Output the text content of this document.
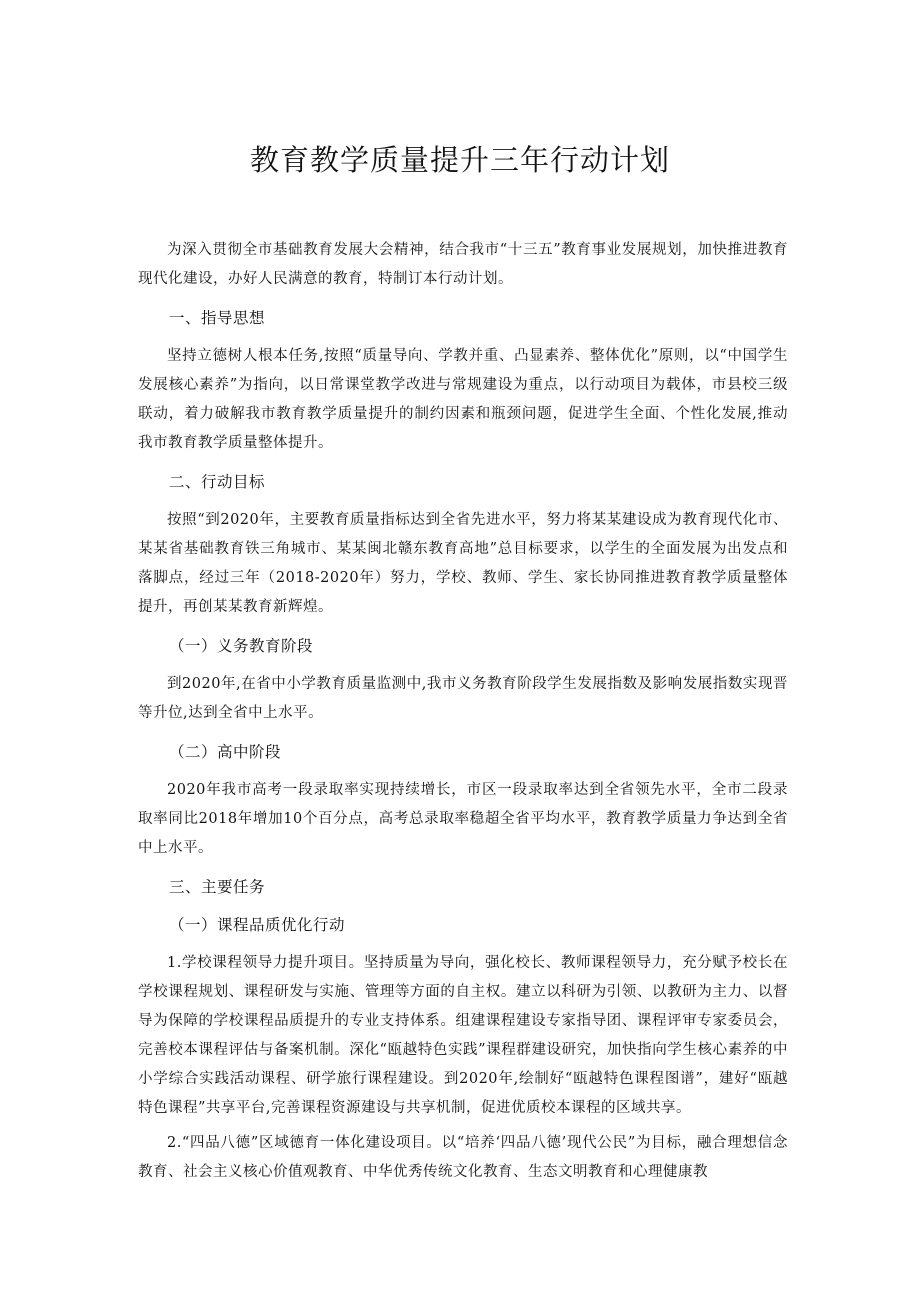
教育教学质量提升三年行动计划

为深入贯彻全市基础教育发展大会精神，结合我市“十三五”教育事业发展规划，加快推进教育现代化建设，办好人民满意的教育，特制订本行动计划。

一、指导思想

坚持立德树人根本任务,按照“质量导向、学教并重、凸显素养、整体优化”原则，以“中国学生发展核心素养”为指向，以日常课堂教学改进与常规建设为重点，以行动项目为载体，市县校三级联动，着力破解我市教育教学质量提升的制约因素和瓶颈问题，促进学生全面、个性化发展,推动我市教育教学质量整体提升。

二、行动目标

按照“到2020年，主要教育质量指标达到全省先进水平，努力将某某建设成为教育现代化市、某某省基础教育铁三角城市、某某闽北赣东教育高地”总目标要求，以学生的全面发展为出发点和落脚点，经过三年（2018-2020年）努力，学校、教师、学生、家长协同推进教育教学质量整体提升，再创某某教育新辉煌。

（一）义务教育阶段

到2020年,在省中小学教育质量监测中,我市义务教育阶段学生发展指数及影响发展指数实现晋等升位,达到全省中上水平。

（二）高中阶段

2020年我市高考一段录取率实现持续增长，市区一段录取率达到全省领先水平，全市二段录取率同比2018年增加10个百分点，高考总录取率稳超全省平均水平，教育教学质量力争达到全省中上水平。

三、主要任务
（一）课程品质优化行动

1.学校课程领导力提升项目。坚持质量为导向，强化校长、教师课程领导力，充分赋予校长在学校课程规划、课程研发与实施、管理等方面的自主权。建立以科研为引领、以教研为主力、以督导为保障的学校课程品质提升的专业支持体系。组建课程建设专家指导团、课程评审专家委员会，完善校本课程评估与备案机制。深化“瓯越特色实践”课程群建设研究，加快指向学生核心素养的中小学综合实践活动课程、研学旅行课程建设。到2020年,绘制好“瓯越特色课程图谱”，建好“瓯越特色课程”共享平台,完善课程资源建设与共享机制，促进优质校本课程的区域共享。

2.“四品八德”区域德育一体化建设项目。以“培养‘四品八德’现代公民”为目标，融合理想信念教育、社会主义核心价值观教育、中华优秀传统文化教育、生态文明教育和心理健康教
